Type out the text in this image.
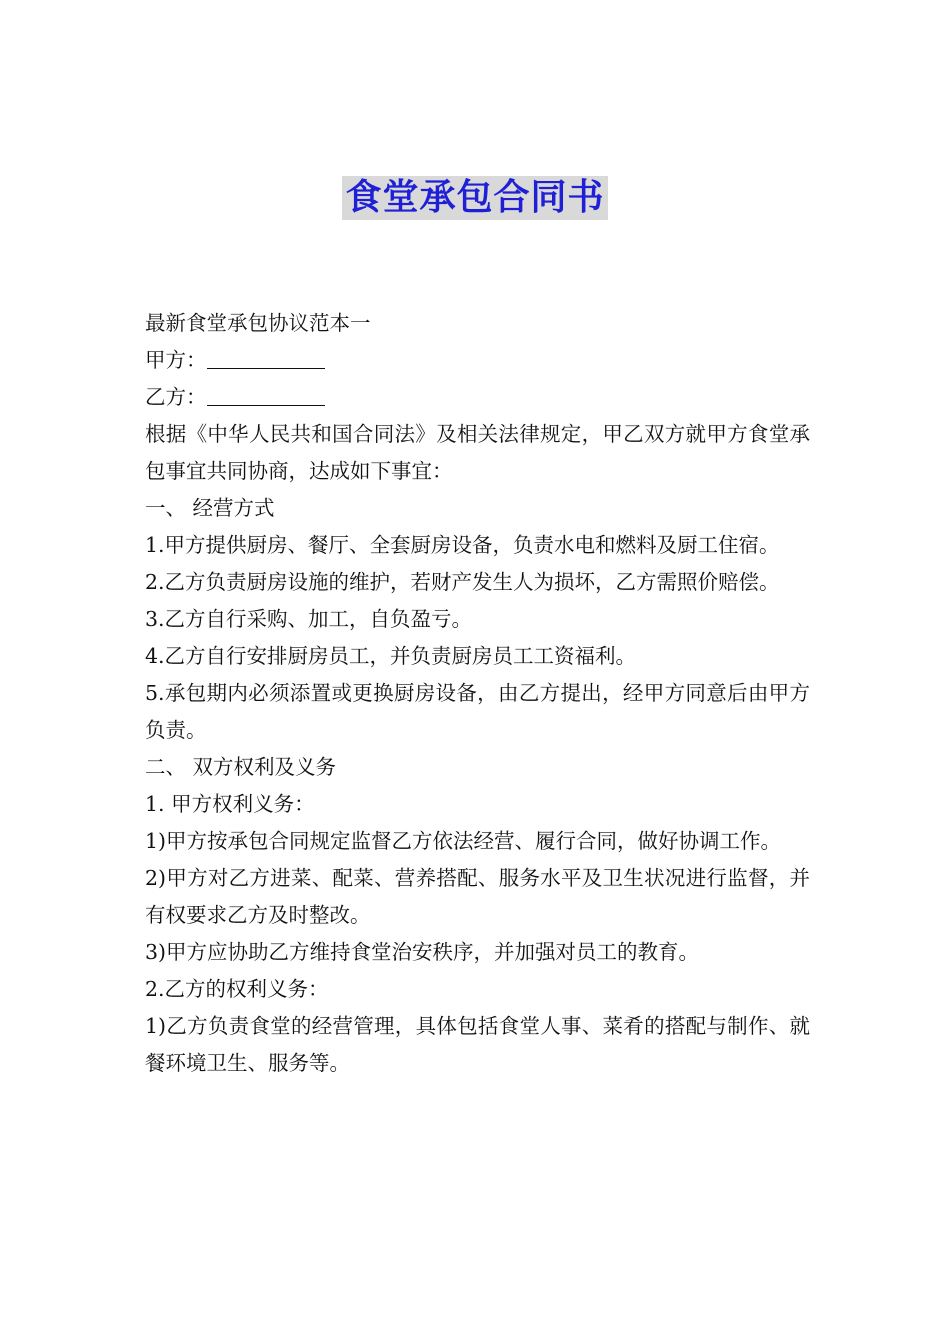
食堂承包合同书

最新食堂承包协议范本一

甲方：

乙方：

根据《中华人民共和国合同法》及相关法律规定，甲乙双方就甲方食堂承包事宜共同协商，达成如下事宜：

一、 经营方式

1.甲方提供厨房、餐厅、全套厨房设备，负责水电和燃料及厨工住宿。

2.乙方负责厨房设施的维护，若财产发生人为损坏，乙方需照价赔偿。

3.乙方自行采购、加工，自负盈亏。

4.乙方自行安排厨房员工，并负责厨房员工工资福利。

5.承包期内必须添置或更换厨房设备，由乙方提出，经甲方同意后由甲方负责。

二、 双方权利及义务

1. 甲方权利义务：

1)甲方按承包合同规定监督乙方依法经营、履行合同，做好协调工作。

2)甲方对乙方进菜、配菜、营养搭配、服务水平及卫生状况进行监督，并有权要求乙方及时整改。

3)甲方应协助乙方维持食堂治安秩序，并加强对员工的教育。

2.乙方的权利义务：

1)乙方负责食堂的经营管理，具体包括食堂人事、菜肴的搭配与制作、就餐环境卫生、服务等。
